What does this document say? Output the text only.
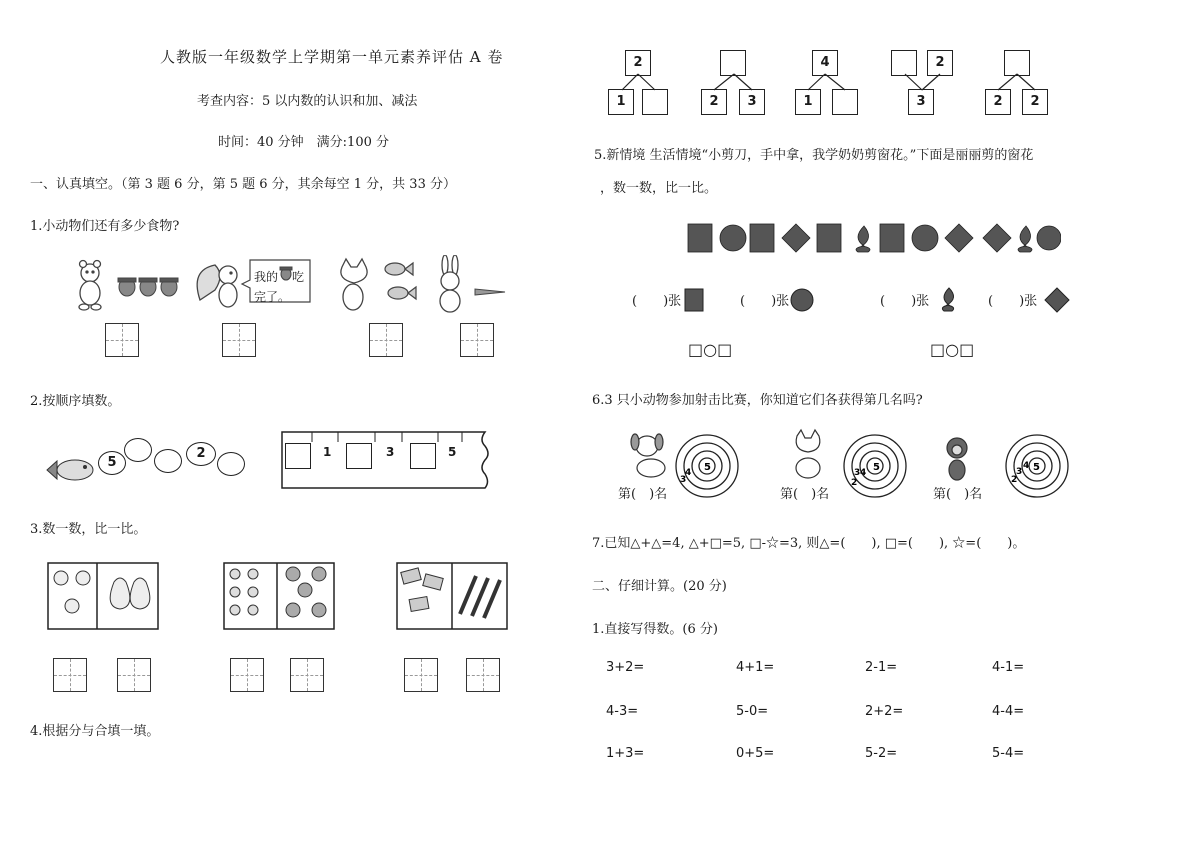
人教版一年级数学上学期第一单元素养评估 A 卷
考查内容：5 以内数的认识和加、减法
时间：40 分钟　满分:100 分
一、认真填空。（第 3 题 6 分，第 5 题 6 分，其余每空 1 分，共 33 分）
1.小动物们还有多少食物?
我的 吃
完了。
2.按顺序填数。
5
2	1	3	5
3.数一数，比一比。
4.根据分与合填一填。
2
1	2	3
4
1
2
3	2	2
5.新情境 生活情境“小剪刀，手中拿，我学奶奶剪窗花。”下面是丽丽剪的窗花
，数一数，比一比。
(　　)张	(　　)张	(　　)张	(　　)张
□○□	□○□
6.3 只小动物参加射击比赛，你知道它们各获得第几名吗?
5
3
4	5
3 4
2
5
2
3
4
第(　)名	第(　)名	第(　)名
7.已知△+△=4, △+□=5, □-☆=3, 则△=(　　), □=(　　), ☆=(　　)。
二、仔细计算。(20 分)
1.直接写得数。(6 分)
3+2=	4+1=	2-1=	4-1=
4-3=	5-0=	2+2=	4-4=
1+3=	0+5=	5-2=	5-4=
